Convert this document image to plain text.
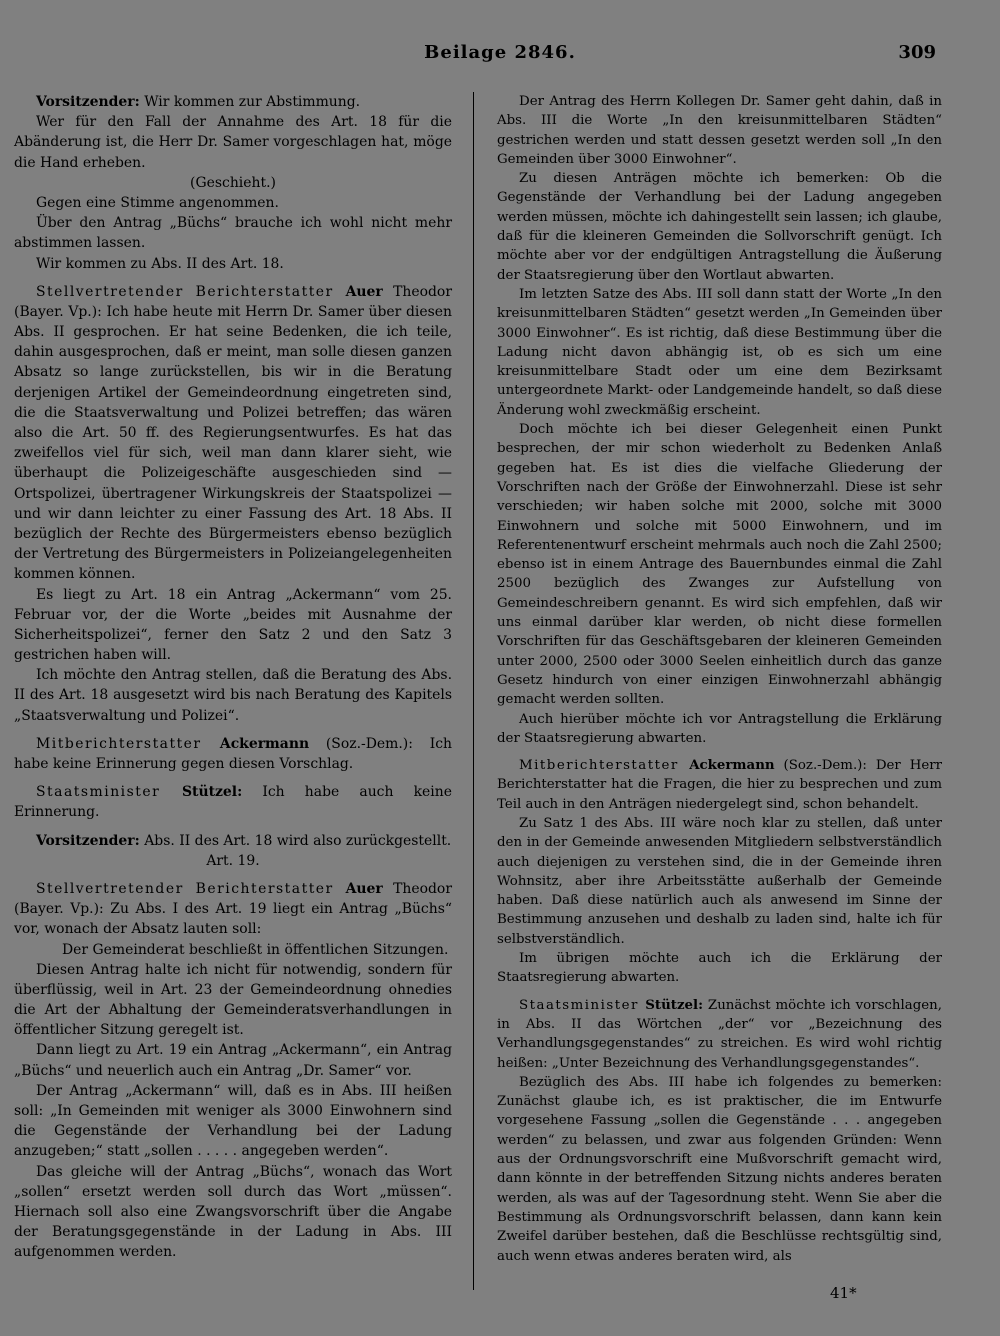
Beilage 2846.	309

Vorsitzender: Wir kommen zur Abstimmung.

Wer für den Fall der Annahme des Art. 18 für die Abänderung ist, die Herr Dr. Samer vorgeschlagen hat, möge die Hand erheben.

(Geschieht.)

Gegen eine Stimme angenommen.

Über den Antrag „Büchs“ brauche ich wohl nicht mehr abstimmen lassen.

Wir kommen zu Abs. II des Art. 18.

Stellvertretender Berichterstatter Auer Theodor (Bayer. Vp.): Ich habe heute mit Herrn Dr. Samer über diesen Abs. II gesprochen. Er hat seine Bedenken, die ich teile, dahin ausgesprochen, daß er meint, man solle diesen ganzen Absatz so lange zurückstellen, bis wir in die Beratung derjenigen Artikel der Gemeindeordnung eingetreten sind, die die Staatsverwaltung und Polizei betreffen; das wären also die Art. 50 ff. des Regierungsentwurfes. Es hat das zweifellos viel für sich, weil man dann klarer sieht, wie überhaupt die Polizeigeschäfte ausgeschieden sind — Ortspolizei, übertragener Wirkungskreis der Staatspolizei — und wir dann leichter zu einer Fassung des Art. 18 Abs. II bezüglich der Rechte des Bürgermeisters ebenso bezüglich der Vertretung des Bürgermeisters in Polizeiangelegenheiten kommen können.

Es liegt zu Art. 18 ein Antrag „Ackermann“ vom 25. Februar vor, der die Worte „beides mit Ausnahme der Sicherheitspolizei“, ferner den Satz 2 und den Satz 3 gestrichen haben will.

Ich möchte den Antrag stellen, daß die Beratung des Abs. II des Art. 18 ausgesetzt wird bis nach Beratung des Kapitels „Staatsverwaltung und Polizei“.

Mitberichterstatter Ackermann (Soz.-Dem.): Ich habe keine Erinnerung gegen diesen Vorschlag.

Staatsminister Stützel: Ich habe auch keine Erinnerung.

Vorsitzender: Abs. II des Art. 18 wird also zurückgestellt.

Art. 19.

Stellvertretender Berichterstatter Auer Theodor (Bayer. Vp.): Zu Abs. I des Art. 19 liegt ein Antrag „Büchs“ vor, wonach der Absatz lauten soll:

Der Gemeinderat beschließt in öffentlichen Sitzungen.

Diesen Antrag halte ich nicht für notwendig, sondern für überflüssig, weil in Art. 23 der Gemeindeordnung ohnedies die Art der Abhaltung der Gemeinderatsverhandlungen in öffentlicher Sitzung geregelt ist.

Dann liegt zu Art. 19 ein Antrag „Ackermann“, ein Antrag „Büchs“ und neuerlich auch ein Antrag „Dr. Samer“ vor.

Der Antrag „Ackermann“ will, daß es in Abs. III heißen soll: „In Gemeinden mit weniger als 3000 Einwohnern sind die Gegenstände der Verhandlung bei der Ladung anzugeben;“ statt „sollen . . . . . angegeben werden“.

Das gleiche will der Antrag „Büchs“, wonach das Wort „sollen“ ersetzt werden soll durch das Wort „müssen“. Hiernach soll also eine Zwangsvorschrift über die Angabe der Beratungsgegenstände in der Ladung in Abs. III aufgenommen werden.

Der Antrag des Herrn Kollegen Dr. Samer geht dahin, daß in Abs. III die Worte „In den kreisunmittelbaren Städten“ gestrichen werden und statt dessen gesetzt werden soll „In den Gemeinden über 3000 Einwohner“.

Zu diesen Anträgen möchte ich bemerken: Ob die Gegenstände der Verhandlung bei der Ladung angegeben werden müssen, möchte ich dahingestellt sein lassen; ich glaube, daß für die kleineren Gemeinden die Sollvorschrift genügt. Ich möchte aber vor der endgültigen Antragstellung die Äußerung der Staatsregierung über den Wortlaut abwarten.

Im letzten Satze des Abs. III soll dann statt der Worte „In den kreisunmittelbaren Städten“ gesetzt werden „In Gemeinden über 3000 Einwohner“. Es ist richtig, daß diese Bestimmung über die Ladung nicht davon abhängig ist, ob es sich um eine kreisunmittelbare Stadt oder um eine dem Bezirksamt untergeordnete Markt- oder Landgemeinde handelt, so daß diese Änderung wohl zweckmäßig erscheint.

Doch möchte ich bei dieser Gelegenheit einen Punkt besprechen, der mir schon wiederholt zu Bedenken Anlaß gegeben hat. Es ist dies die vielfache Gliederung der Vorschriften nach der Größe der Einwohnerzahl. Diese ist sehr verschieden; wir haben solche mit 2000, solche mit 3000 Einwohnern und solche mit 5000 Einwohnern, und im Referentenentwurf erscheint mehrmals auch noch die Zahl 2500; ebenso ist in einem Antrage des Bauernbundes einmal die Zahl 2500 bezüglich des Zwanges zur Aufstellung von Gemeindeschreibern genannt. Es wird sich empfehlen, daß wir uns einmal darüber klar werden, ob nicht diese formellen Vorschriften für das Geschäftsgebaren der kleineren Gemeinden unter 2000, 2500 oder 3000 Seelen einheitlich durch das ganze Gesetz hindurch von einer einzigen Einwohnerzahl abhängig gemacht werden sollten.

Auch hierüber möchte ich vor Antragstellung die Erklärung der Staatsregierung abwarten.

Mitberichterstatter Ackermann (Soz.-Dem.): Der Herr Berichterstatter hat die Fragen, die hier zu besprechen und zum Teil auch in den Anträgen niedergelegt sind, schon behandelt.

Zu Satz 1 des Abs. III wäre noch klar zu stellen, daß unter den in der Gemeinde anwesenden Mitgliedern selbstverständlich auch diejenigen zu verstehen sind, die in der Gemeinde ihren Wohnsitz, aber ihre Arbeitsstätte außerhalb der Gemeinde haben. Daß diese natürlich auch als anwesend im Sinne der Bestimmung anzusehen und deshalb zu laden sind, halte ich für selbstverständlich.

Im übrigen möchte auch ich die Erklärung der Staatsregierung abwarten.

Staatsminister Stützel: Zunächst möchte ich vorschlagen, in Abs. II das Wörtchen „der“ vor „Bezeichnung des Verhandlungsgegenstandes“ zu streichen. Es wird wohl richtig heißen: „Unter Bezeichnung des Verhandlungsgegenstandes“.

Bezüglich des Abs. III habe ich folgendes zu bemerken: Zunächst glaube ich, es ist praktischer, die im Entwurfe vorgesehene Fassung „sollen die Gegenstände . . . angegeben werden“ zu belassen, und zwar aus folgenden Gründen: Wenn aus der Ordnungsvorschrift eine Mußvorschrift gemacht wird, dann könnte in der betreffenden Sitzung nichts anderes beraten werden, als was auf der Tagesordnung steht. Wenn Sie aber die Bestimmung als Ordnungsvorschrift belassen, dann kann kein Zweifel darüber bestehen, daß die Beschlüsse rechtsgültig sind, auch wenn etwas anderes beraten wird, als

41*
